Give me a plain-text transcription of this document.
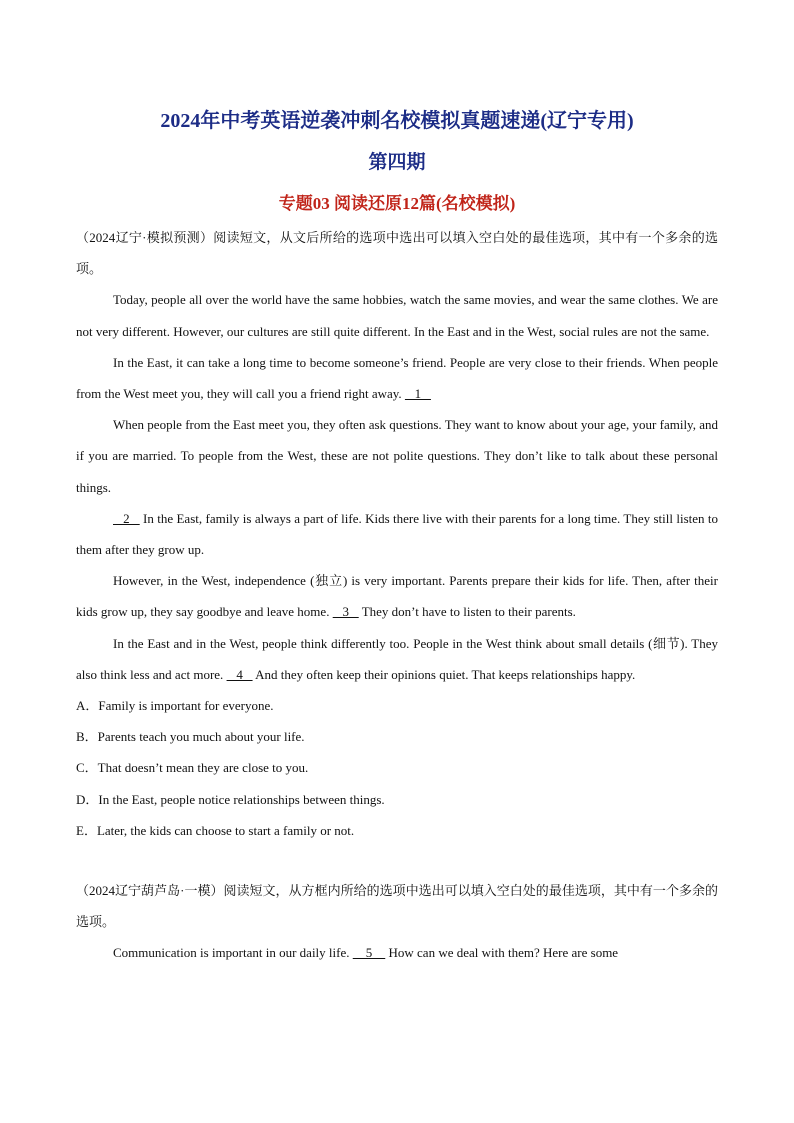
2024年中考英语逆袭冲刺名校模拟真题速递(辽宁专用)
第四期
专题03 阅读还原12篇(名校模拟)

（2024辽宁·模拟预测）阅读短文，从文后所给的选项中选出可以填入空白处的最佳选项，其中有一个多余的选项。

Today, people all over the world have the same hobbies, watch the same movies, and wear the same clothes. We are not very different. However, our cultures are still quite different. In the East and in the West, social rules are not the same.

In the East, it can take a long time to become someone’s friend. People are very close to their friends. When people from the West meet you, they will call you a friend right away.    1

When people from the East meet you, they often ask questions. They want to know about your age, your family, and if you are married. To people from the West, these are not polite questions. They don’t like to talk about these personal things.

2    In the East, family is always a part of life. Kids there live with their parents for a long time. They still listen to them after they grow up.

However, in the West, independence (独立) is very important. Parents prepare their kids for life. Then, after their kids grow up, they say goodbye and leave home.    3    They don’t have to listen to their parents.

In the East and in the West, people think differently too. People in the West think about small details (细节). They also think less and act more.    4    And they often keep their opinions quiet. That keeps relationships happy.

A．Family is important for everyone.

B．Parents teach you much about your life.

C．That doesn’t mean they are close to you.

D．In the East, people notice relationships between things.

E．Later, the kids can choose to start a family or not.

（2024辽宁葫芦岛·一模）阅读短文，从方框内所给的选项中选出可以填入空白处的最佳选项，其中有一个多余的选项。

Communication is important in our daily life.     5     How can we deal with them? Here are some
